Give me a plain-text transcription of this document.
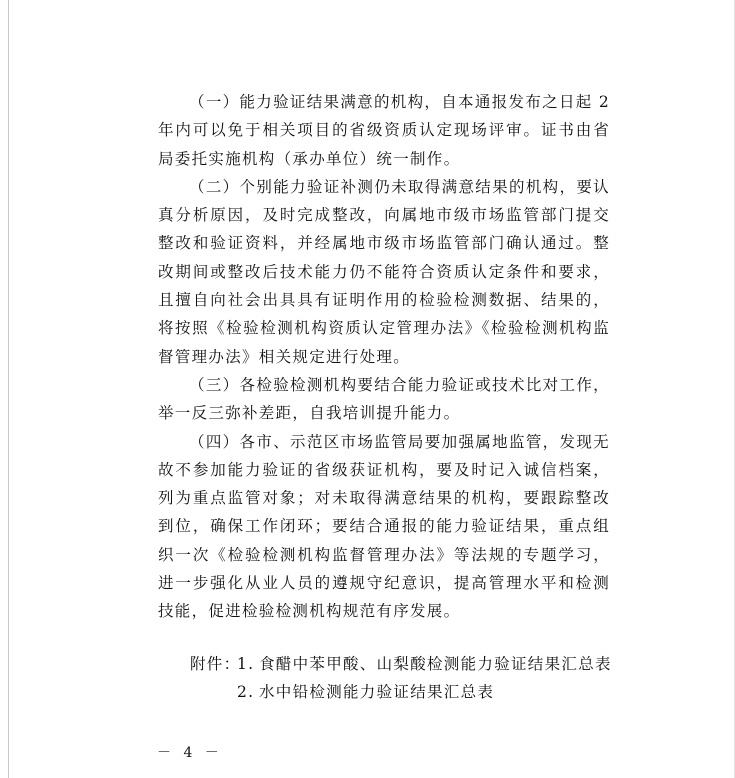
（一）能力验证结果满意的机构，自本通报发布之日起 2 年内可以免于相关项目的省级资质认定现场评审。证书由省局委托实施机构（承办单位）统一制作。

（二）个别能力验证补测仍未取得满意结果的机构，要认真分析原因，及时完成整改，向属地市级市场监管部门提交整改和验证资料，并经属地市级市场监管部门确认通过。整改期间或整改后技术能力仍不能符合资质认定条件和要求，且擅自向社会出具具有证明作用的检验检测数据、结果的，将按照《检验检测机构资质认定管理办法》《检验检测机构监督管理办法》相关规定进行处理。

（三）各检验检测机构要结合能力验证或技术比对工作，举一反三弥补差距，自我培训提升能力。

（四）各市、示范区市场监管局要加强属地监管，发现无故不参加能力验证的省级获证机构，要及时记入诚信档案，列为重点监管对象；对未取得满意结果的机构，要跟踪整改到位，确保工作闭环；要结合通报的能力验证结果，重点组织一次《检验检测机构监督管理办法》等法规的专题学习，进一步强化从业人员的遵规守纪意识，提高管理水平和检测技能，促进检验检测机构规范有序发展。

附件：1. 食醋中苯甲酸、山梨酸检测能力验证结果汇总表
2. 水中铅检测能力验证结果汇总表
－ 4 －
